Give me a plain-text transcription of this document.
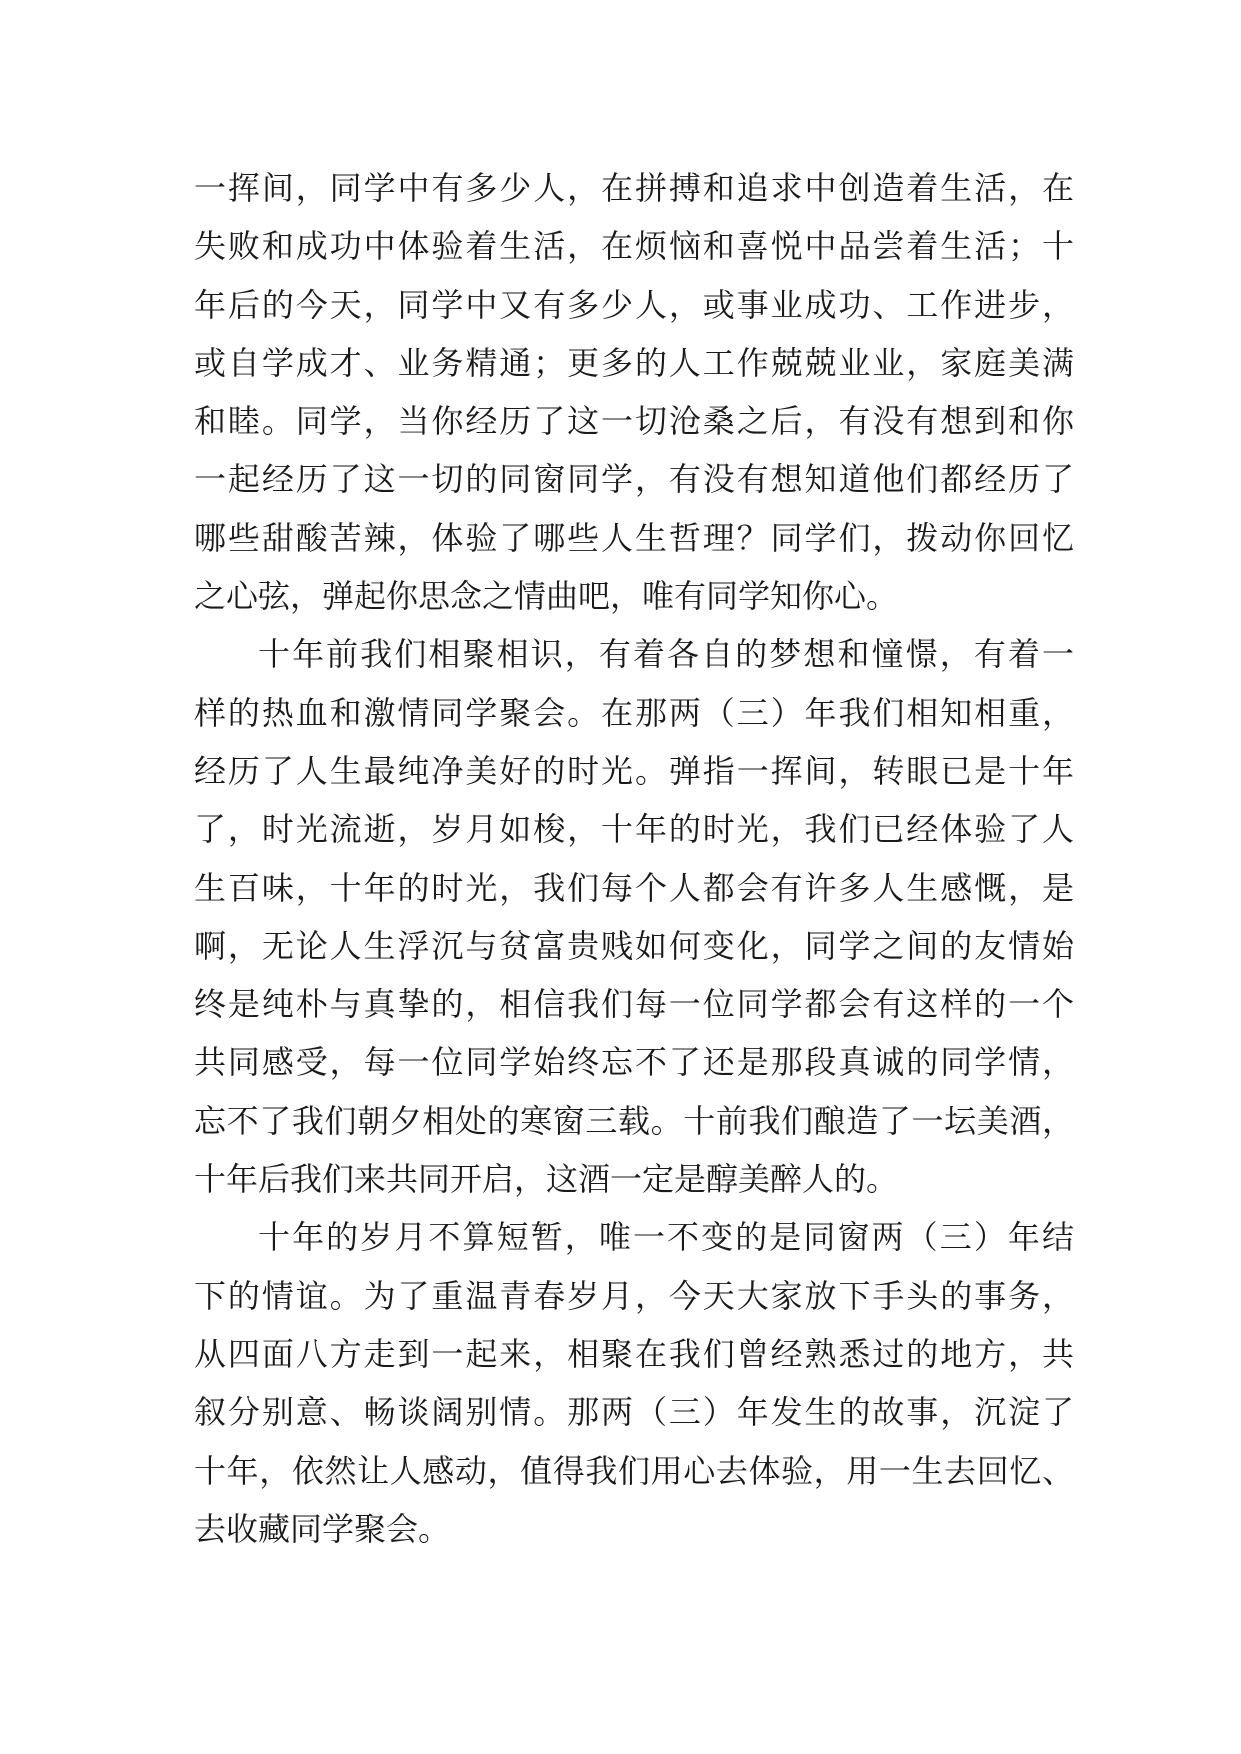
一挥间，同学中有多少人，在拼搏和追求中创造着生活，在
失败和成功中体验着生活，在烦恼和喜悦中品尝着生活；十
年后的今天，同学中又有多少人，或事业成功、工作进步，
或自学成才、业务精通；更多的人工作兢兢业业，家庭美满
和睦。同学，当你经历了这一切沧桑之后，有没有想到和你
一起经历了这一切的同窗同学，有没有想知道他们都经历了
哪些甜酸苦辣，体验了哪些人生哲理？同学们，拨动你回忆
之心弦，弹起你思念之情曲吧，唯有同学知你心。
十年前我们相聚相识，有着各自的梦想和憧憬，有着一
样的热血和激情同学聚会。在那两（三）年我们相知相重，
经历了人生最纯净美好的时光。弹指一挥间，转眼已是十年
了，时光流逝，岁月如梭，十年的时光，我们已经体验了人
生百味，十年的时光，我们每个人都会有许多人生感慨，是
啊，无论人生浮沉与贫富贵贱如何变化，同学之间的友情始
终是纯朴与真挚的，相信我们每一位同学都会有这样的一个
共同感受，每一位同学始终忘不了还是那段真诚的同学情，
忘不了我们朝夕相处的寒窗三载。十前我们酿造了一坛美酒，
十年后我们来共同开启，这酒一定是醇美醉人的。
十年的岁月不算短暂，唯一不变的是同窗两（三）年结
下的情谊。为了重温青春岁月，今天大家放下手头的事务，
从四面八方走到一起来，相聚在我们曾经熟悉过的地方，共
叙分别意、畅谈阔别情。那两（三）年发生的故事，沉淀了
十年，依然让人感动，值得我们用心去体验，用一生去回忆、
去收藏同学聚会。
